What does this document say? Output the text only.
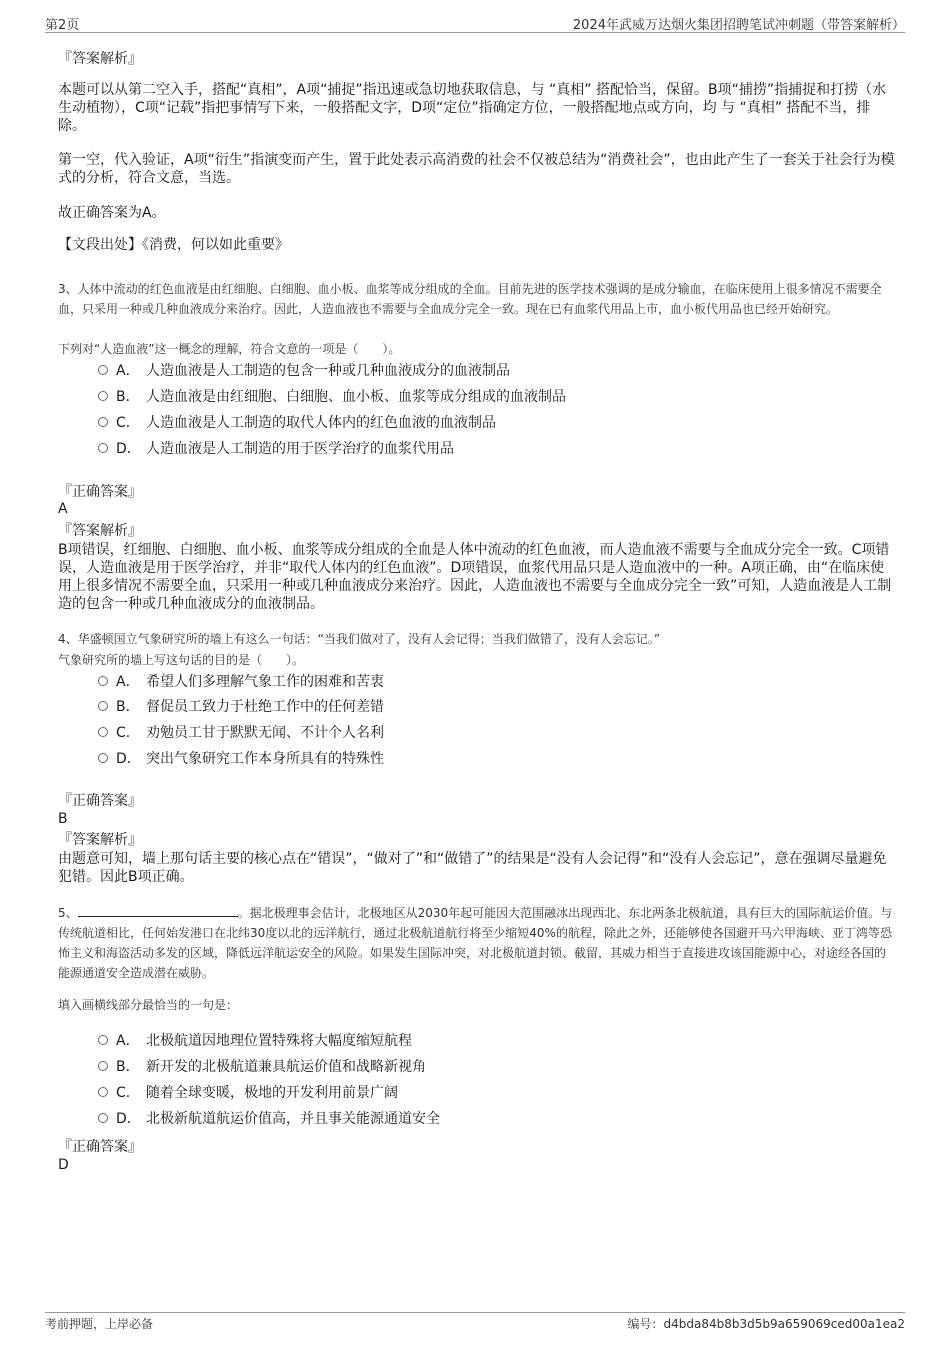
第2页	2024年武威万达烟火集团招聘笔试冲刺题（带答案解析）
『答案解析』
本题可以从第二空入手，搭配“真相”，A项“捕捉”指迅速或急切地获取信息，与 “真相” 搭配恰当，保留。B项“捕捞”指捕捉和打捞（水生动植物），C项“记载”指把事情写下来，一般搭配文字，D项“定位”指确定方位，一般搭配地点或方向，均 与 “真相” 搭配不当，排除。
第一空，代入验证，A项“衍生”指演变而产生，置于此处表示高消费的社会不仅被总结为“消费社会”，也由此产生了一套关于社会行为模式的分析，符合文意，当选。
故正确答案为A。
【文段出处】《消费，何以如此重要》
3、人体中流动的红色血液是由红细胞、白细胞、血小板、血浆等成分组成的全血。目前先进的医学技术强调的是成分输血，在临床使用上很多情况不需要全血，只采用一种或几种血液成分来治疗。因此，人造血液也不需要与全血成分完全一致。现在已有血浆代用品上市，血小板代用品也已经开始研究。
下列对“人造血液”这一概念的理解，符合文意的一项是（　　）。
A． 人造血液是人工制造的包含一种或几种血液成分的血液制品
B． 人造血液是由红细胞、白细胞、血小板、血浆等成分组成的血液制品
C． 人造血液是人工制造的取代人体内的红色血液的血液制品
D． 人造血液是人工制造的用于医学治疗的血浆代用品
『正确答案』
A
『答案解析』
B项错误，红细胞、白细胞、血小板、血浆等成分组成的全血是人体中流动的红色血液，而人造血液不需要与全血成分完全一致。C项错误，人造血液是用于医学治疗，并非“取代人体内的红色血液”。D项错误，血浆代用品只是人造血液中的一种。A项正确，由“在临床使用上很多情况不需要全血，只采用一种或几种血液成分来治疗。因此，人造血液也不需要与全血成分完全一致”可知，人造血液是人工制造的包含一种或几种血液成分的血液制品。
4、华盛顿国立气象研究所的墙上有这么一句话：“当我们做对了，没有人会记得；当我们做错了，没有人会忘记。”
气象研究所的墙上写这句话的目的是（　　）。
A． 希望人们多理解气象工作的困难和苦衷
B． 督促员工致力于杜绝工作中的任何差错
C． 劝勉员工甘于默默无闻、不计个人名利
D． 突出气象研究工作本身所具有的特殊性
『正确答案』
B
『答案解析』
由题意可知，墙上那句话主要的核心点在“错误”，“做对了”和“做错了”的结果是“没有人会记得”和“没有人会忘记”，意在强调尽量避免犯错。因此B项正确。
5、	。据北极理事会估计，北极地区从2030年起可能因大范围融冰出现西北、东北两条北极航道，具有巨大的国际航运价值。与传统航道相比，任何始发港口在北纬30度以北的远洋航行，通过北极航道航行将至少缩短40%的航程，除此之外，还能够使各国避开马六甲海峡、亚丁湾等恐怖主义和海盗活动多发的区域，降低远洋航运安全的风险。如果发生国际冲突，对北极航道封锁、截留，其威力相当于直接进攻该国能源中心，对途经各国的能源通道安全造成潜在威胁。
填入画横线部分最恰当的一句是：
A． 北极航道因地理位置特殊将大幅度缩短航程
B． 新开发的北极航道兼具航运价值和战略新视角
C． 随着全球变暖，极地的开发利用前景广阔
D． 北极新航道航运价值高，并且事关能源通道安全
『正确答案』
D
考前押题，上岸必备	编号：d4bda84b8b3d5b9a659069ced00a1ea2
